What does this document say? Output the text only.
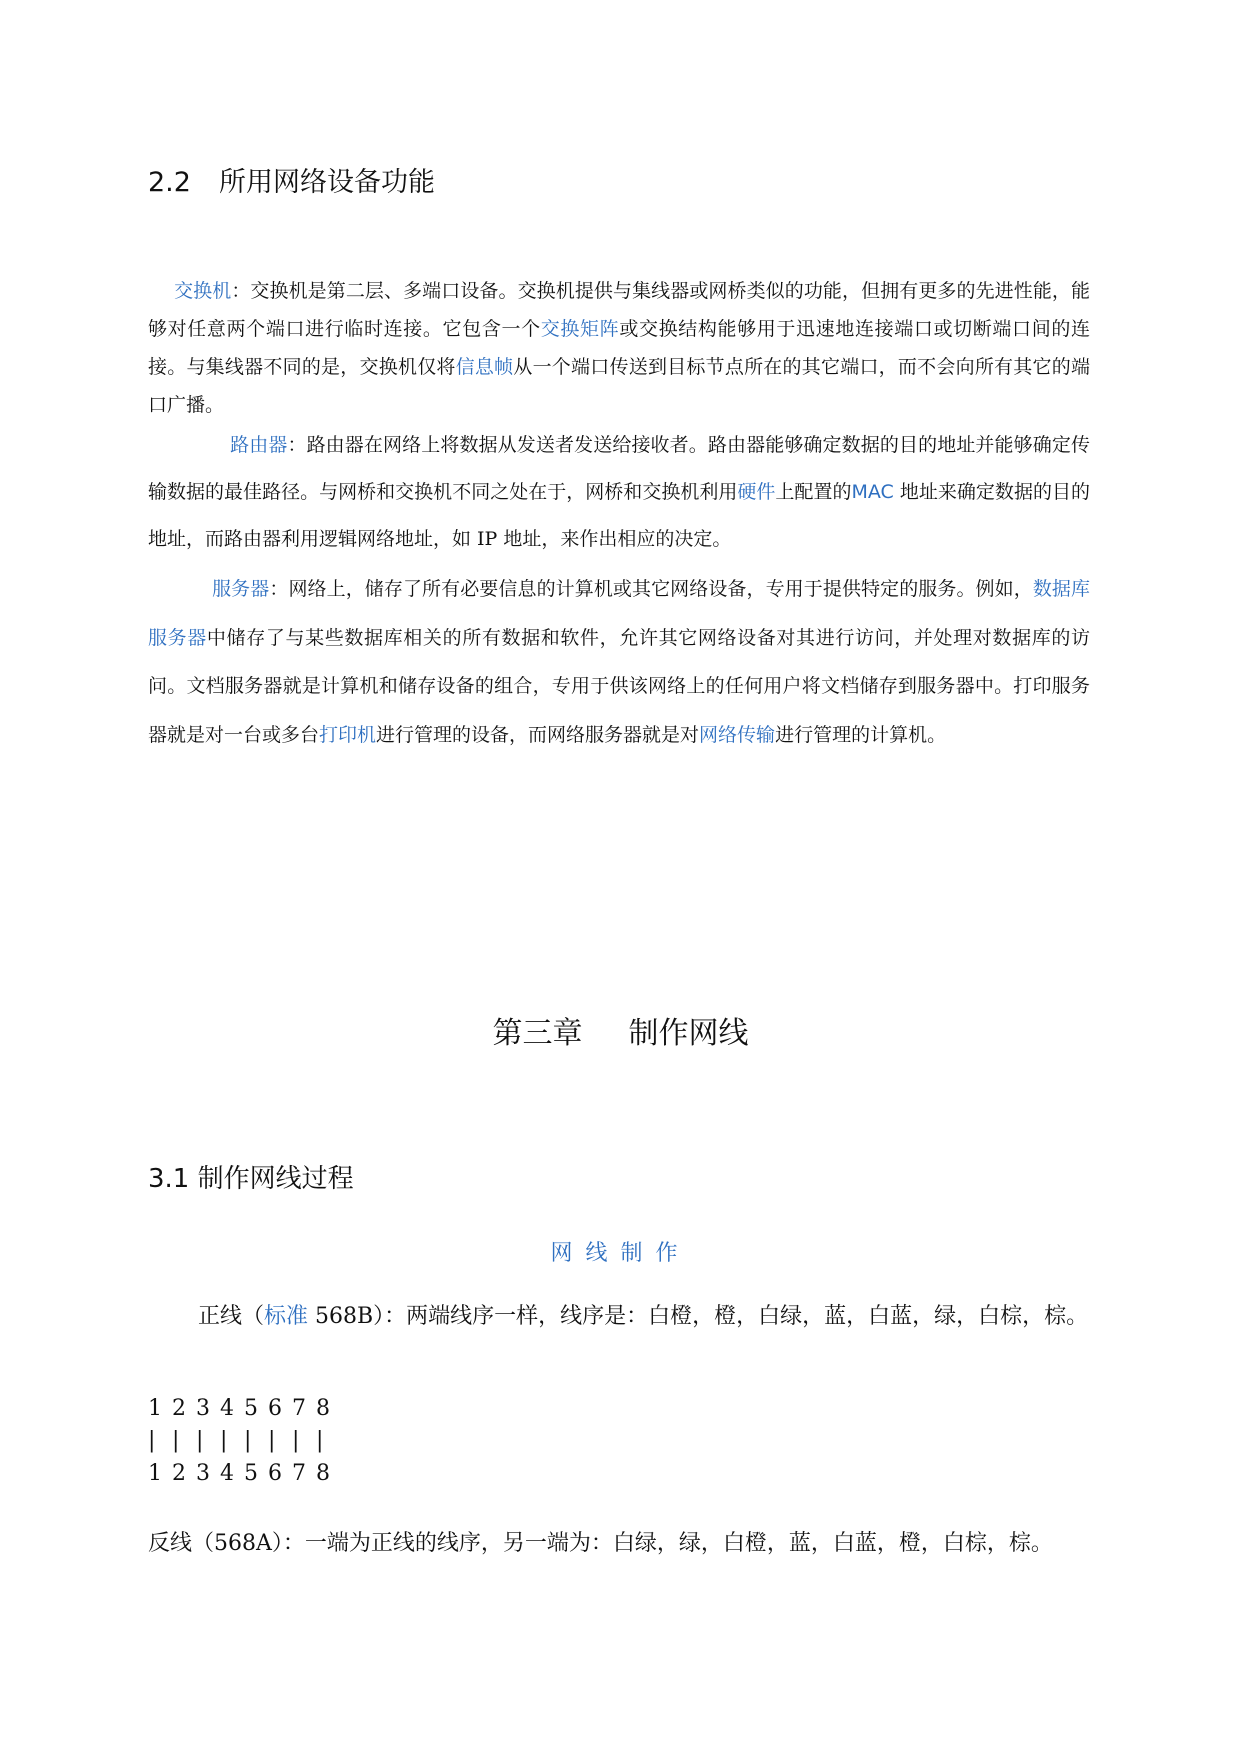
2.2 所用网络设备功能

交换机：交换机是第二层、多端口设备。交换机提供与集线器或网桥类似的功能，但拥有更多的先进性能，能够对任意两个端口进行临时连接。它包含一个交换矩阵或交换结构能够用于迅速地连接端口或切断端口间的连接。与集线器不同的是，交换机仅将信息帧从一个端口传送到目标节点所在的其它端口，而不会向所有其它的端口广播。

路由器：路由器在网络上将数据从发送者发送给接收者。路由器能够确定数据的目的地址并能够确定传输数据的最佳路径。与网桥和交换机不同之处在于，网桥和交换机利用硬件上配置的MAC 地址来确定数据的目的地址，而路由器利用逻辑网络地址，如 IP 地址，来作出相应的决定。

服务器：网络上，储存了所有必要信息的计算机或其它网络设备，专用于提供特定的服务。例如，数据库服务器中储存了与某些数据库相关的所有数据和软件，允许其它网络设备对其进行访问，并处理对数据库的访问。文档服务器就是计算机和储存设备的组合，专用于供该网络上的任何用户将文档储存到服务器中。打印服务器就是对一台或多台打印机进行管理的设备，而网络服务器就是对网络传输进行管理的计算机。

第三章 制作网线
3.1 制作网线过程
网线制作

正线（标准 568B）：两端线序一样，线序是：白橙，橙，白绿，蓝，白蓝，绿，白棕，棕。

1 2 3 4 5 6 7 8
| | | | | | | |
1 2 3 4 5 6 7 8

反线（568A）：一端为正线的线序，另一端为：白绿，绿，白橙，蓝，白蓝，橙，白棕，棕。
